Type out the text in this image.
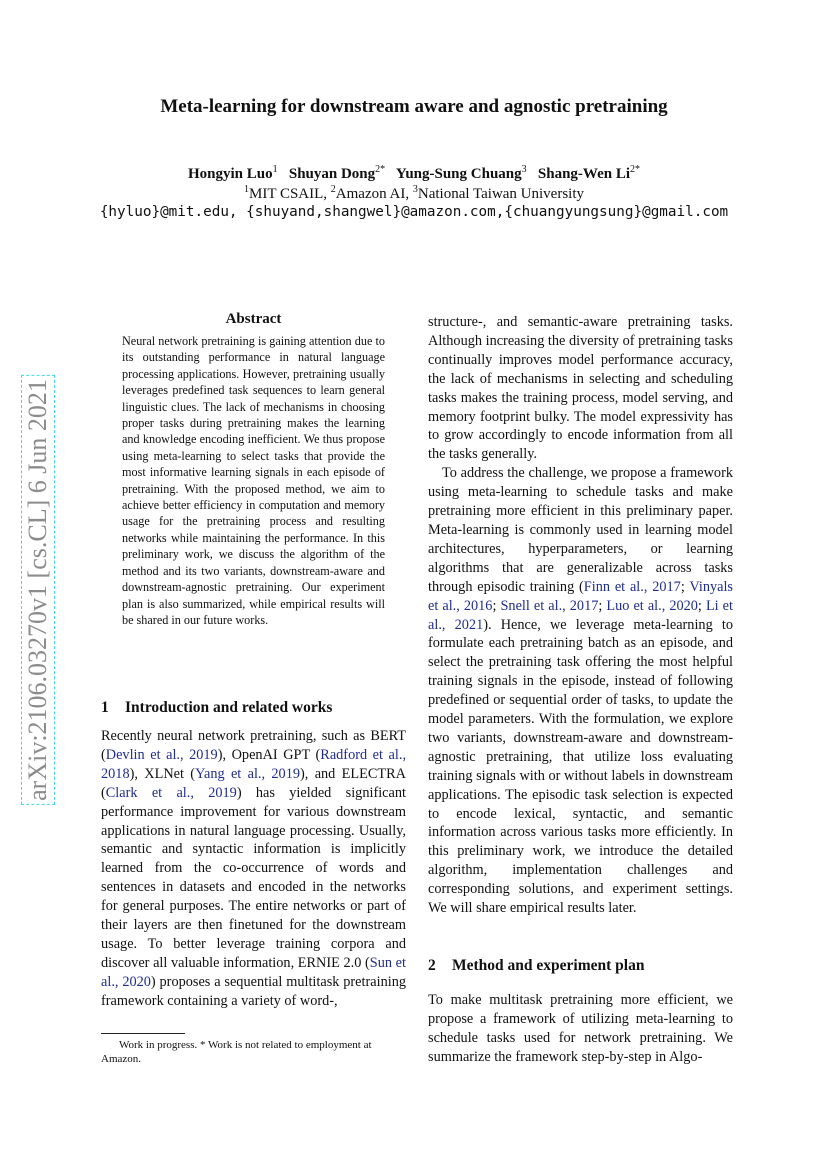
Meta-learning for downstream aware and agnostic pretraining
Hongyin Luo$^1$ Shuyan Dong$^{2*}$ Yung-Sung Chuang$^3$ Shang-Wen $Li^{2*}$
$^1$MIT CSAIL, $^2$Amazon AI, $^3$National Taiwan University
{hyluo}@mit.edu, {shuyand,shangwel}@amazon.com,{chuangyungsung}@gmail.com
arXiv:2106.03270v1 [cs.CL] 6 Jun 2021
Abstract
Neural network pretraining is gaining attention due to its outstanding performance in natural language processing applications. However, pretraining usually leverages predefined task sequences to learn general linguistic clues. The lack of mechanisms in choosing proper tasks during pretraining makes the learning and knowledge encoding inefficient. We thus propose using meta-learning to select tasks that provide the most informative learning signals in each episode of pretraining. With the proposed method, we aim to achieve better efficiency in computation and memory usage for the pretraining process and resulting networks while maintaining the performance. In this preliminary work, we discuss the algorithm of the method and its two variants, downstream-aware and downstream-agnostic pretraining. Our experiment plan is also summarized, while empirical results will be shared in our future works.
1 Introduction and related works
Recently neural network pretraining, such as BERT (Devlin et al., 2019), OpenAI GPT (Radford et al., 2018), XLNet (Yang et al., 2019), and ELECTRA (Clark et al., 2019) has yielded significant performance improvement for various downstream applications in natural language processing. Usually, semantic and syntactic information is implicitly learned from the co-occurrence of words and sentences in datasets and encoded in the networks for general purposes. The entire networks or part of their layers are then finetuned for the downstream usage. To better leverage training corpora and discover all valuable information, ERNIE 2.0 (Sun et al., 2020) proposes a sequential multitask pretraining framework containing a variety of word-,

structure-, and semantic-aware pretraining tasks. Although increasing the diversity of pretraining tasks continually improves model performance accuracy, the lack of mechanisms in selecting and scheduling tasks makes the training process, model serving, and memory footprint bulky. The model expressivity has to grow accordingly to encode information from all the tasks generally.

To address the challenge, we propose a framework using meta-learning to schedule tasks and make pretraining more efficient in this preliminary paper. Meta-learning is commonly used in learning model architectures, hyperparameters, or learning algorithms that are generalizable across tasks through episodic training (Finn et al., 2017; Vinyals et al., 2016; Snell et al., 2017; Luo et al., 2020; Li et al., 2021). Hence, we leverage meta-learning to formulate each pretraining batch as an episode, and select the pretraining task offering the most helpful training signals in the episode, instead of following predefined or sequential order of tasks, to update the model parameters. With the formulation, we explore two variants, downstream-aware and downstream-agnostic pretraining, that utilize loss evaluating training signals with or without labels in downstream applications. The episodic task selection is expected to encode lexical, syntactic, and semantic information across various tasks more efficiently. In this preliminary work, we introduce the detailed algorithm, implementation challenges and corresponding solutions, and experiment settings. We will share empirical results later.

2 Method and experiment plan
To make multitask pretraining more efficient, we propose a framework of utilizing meta-learning to schedule tasks used for network pretraining. We summarize the framework step-by-step in Algo-
Work in progress. * Work is not related to employment at Amazon.
